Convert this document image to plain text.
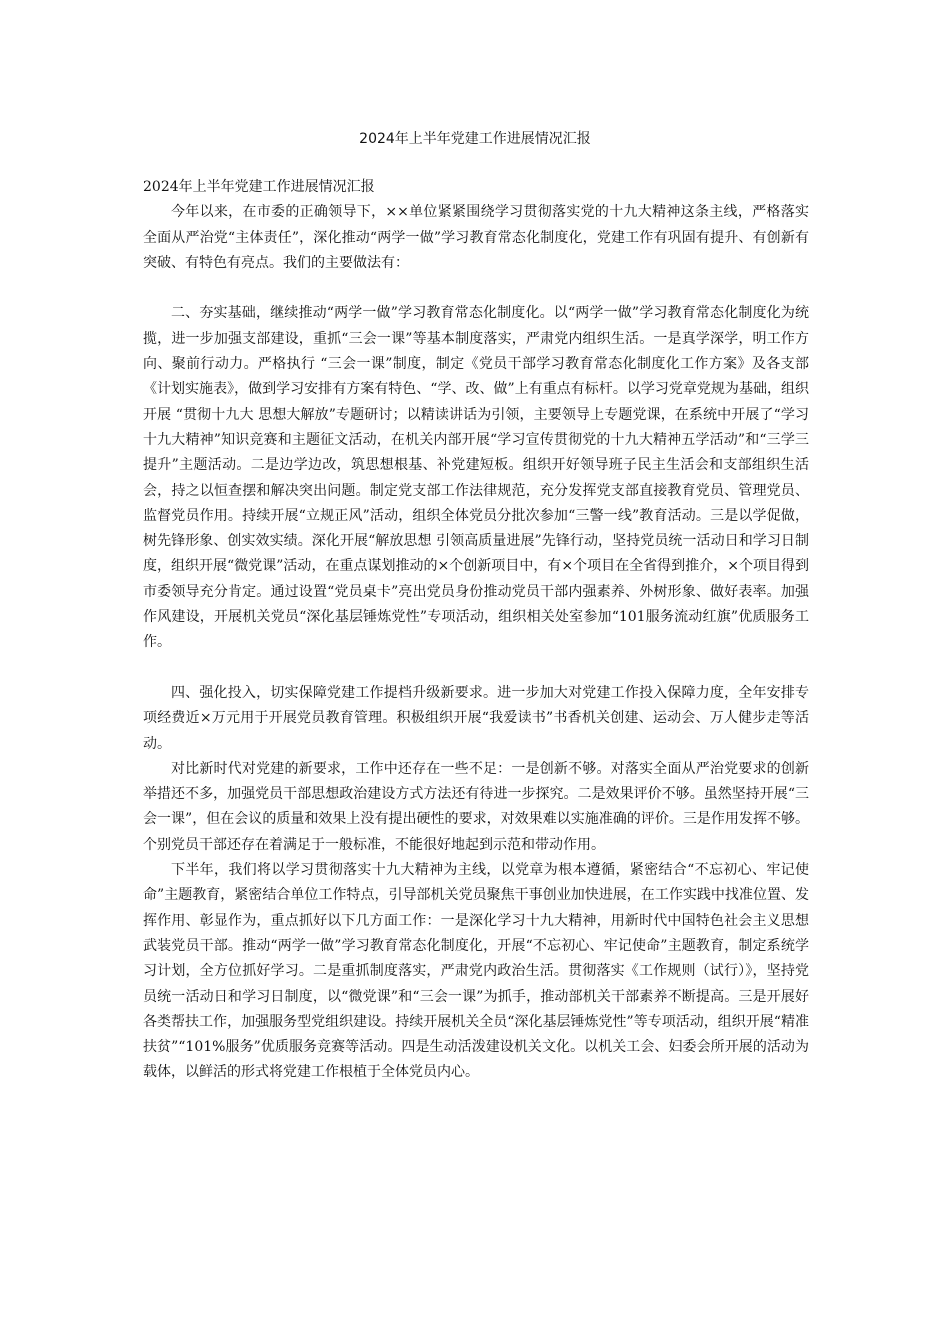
2024年上半年党建工作进展情况汇报

2024年上半年党建工作进展情况汇报

今年以来，在市委的正确领导下，××单位紧紧围绕学习贯彻落实党的十九大精神这条主线，严格落实全面从严治党“主体责任”，深化推动“两学一做”学习教育常态化制度化，党建工作有巩固有提升、有创新有突破、有特色有亮点。我们的主要做法有：

二、夯实基础，继续推动“两学一做”学习教育常态化制度化。以“两学一做”学习教育常态化制度化为统揽，进一步加强支部建设，重抓“三会一课”等基本制度落实，严肃党内组织生活。一是真学深学，明工作方向、聚前行动力。严格执行 “三会一课”制度，制定《党员干部学习教育常态化制度化工作方案》及各支部《计划实施表》，做到学习安排有方案有特色、“学、改、做”上有重点有标杆。以学习党章党规为基础，组织开展 “贯彻十九大 思想大解放”专题研讨；以精读讲话为引领，主要领导上专题党课，在系统中开展了“学习十九大精神”知识竞赛和主题征文活动，在机关内部开展“学习宣传贯彻党的十九大精神五学活动”和“三学三提升”主题活动。二是边学边改，筑思想根基、补党建短板。组织开好领导班子民主生活会和支部组织生活会，持之以恒查摆和解决突出问题。制定党支部工作法律规范，充分发挥党支部直接教育党员、管理党员、监督党员作用。持续开展“立规正风”活动，组织全体党员分批次参加“三警一线”教育活动。三是以学促做，树先锋形象、创实效实绩。深化开展“解放思想 引领高质量进展”先锋行动，坚持党员统一活动日和学习日制度，组织开展“微党课”活动，在重点谋划推动的×个创新项目中，有×个项目在全省得到推介，×个项目得到市委领导充分肯定。通过设置“党员桌卡”亮出党员身份推动党员干部内强素养、外树形象、做好表率。加强作风建设，开展机关党员“深化基层锤炼党性”专项活动，组织相关处室参加“101服务流动红旗”优质服务工作。

四、强化投入，切实保障党建工作提档升级新要求。进一步加大对党建工作投入保障力度，全年安排专项经费近×万元用于开展党员教育管理。积极组织开展“我爱读书”书香机关创建、运动会、万人健步走等活动。

对比新时代对党建的新要求，工作中还存在一些不足：一是创新不够。对落实全面从严治党要求的创新举措还不多，加强党员干部思想政治建设方式方法还有待进一步探究。二是效果评价不够。虽然坚持开展“三会一课”，但在会议的质量和效果上没有提出硬性的要求，对效果难以实施准确的评价。三是作用发挥不够。个别党员干部还存在着满足于一般标准，不能很好地起到示范和带动作用。

下半年，我们将以学习贯彻落实十九大精神为主线，以党章为根本遵循，紧密结合“不忘初心、牢记使命”主题教育，紧密结合单位工作特点，引导部机关党员聚焦干事创业加快进展，在工作实践中找准位置、发挥作用、彰显作为，重点抓好以下几方面工作：一是深化学习十九大精神，用新时代中国特色社会主义思想武装党员干部。推动“两学一做”学习教育常态化制度化，开展“不忘初心、牢记使命”主题教育，制定系统学习计划，全方位抓好学习。二是重抓制度落实，严肃党内政治生活。贯彻落实《工作规则（试行）》，坚持党员统一活动日和学习日制度，以“微党课”和“三会一课”为抓手，推动部机关干部素养不断提高。三是开展好各类帮扶工作，加强服务型党组织建设。持续开展机关全员“深化基层锤炼党性”等专项活动，组织开展“精准扶贫”“101%服务”优质服务竞赛等活动。四是生动活泼建设机关文化。以机关工会、妇委会所开展的活动为载体，以鲜活的形式将党建工作根植于全体党员内心。
